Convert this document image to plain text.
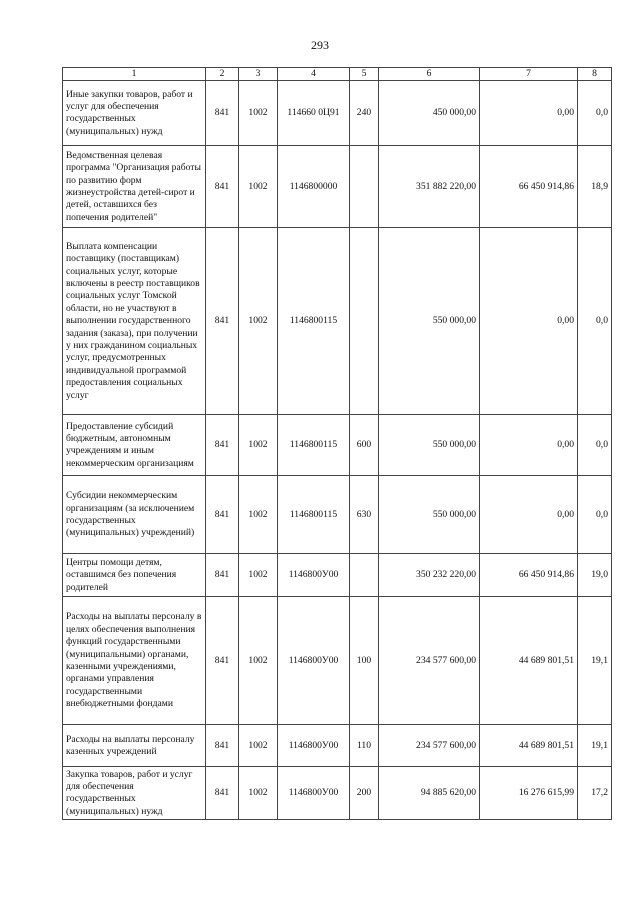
293
1	2	3	4	5	6	7	8
Иные закупки товаров, работ и услуг для обеспечения государственных (муниципальных) нужд	841	1002	114660 0Ц91	240	450 000,00	0,00	0,0
Ведомственная целевая программа "Организация работы по развитию форм жизнеустройства детей-сирот и детей, оставшихся без попечения родителей"	841	1002	1146800000		351 882 220,00	66 450 914,86	18,9
Выплата компенсации поставщику (поставщикам) социальных услуг, которые включены в реестр поставщиков социальных услуг Томской области, но не участвуют в выполнении государственного задания (заказа), при получении у них гражданином социальных услуг, предусмотренных индивидуальной программой предоставления социальных услуг	841	1002	1146800115		550 000,00	0,00	0,0
Предоставление субсидий бюджетным, автономным учреждениям и иным некоммерческим организациям	841	1002	1146800115	600	550 000,00	0,00	0,0
Субсидии некоммерческим организациям (за исключением государственных (муниципальных) учреждений)	841	1002	1146800115	630	550 000,00	0,00	0,0
Центры помощи детям, оставшимся без попечения родителей	841	1002	1146800У00		350 232 220,00	66 450 914,86	19,0
Расходы на выплаты персоналу в целях обеспечения выполнения функций государственными (муниципальными) органами, казенными учреждениями, органами управления государственными внебюджетными фондами	841	1002	1146800У00	100	234 577 600,00	44 689 801,51	19,1
Расходы на выплаты персоналу казенных учреждений	841	1002	1146800У00	110	234 577 600,00	44 689 801,51	19,1
Закупка товаров, работ и услуг для обеспечения государственных (муниципальных) нужд	841	1002	1146800У00	200	94 885 620,00	16 276 615,99	17,2
